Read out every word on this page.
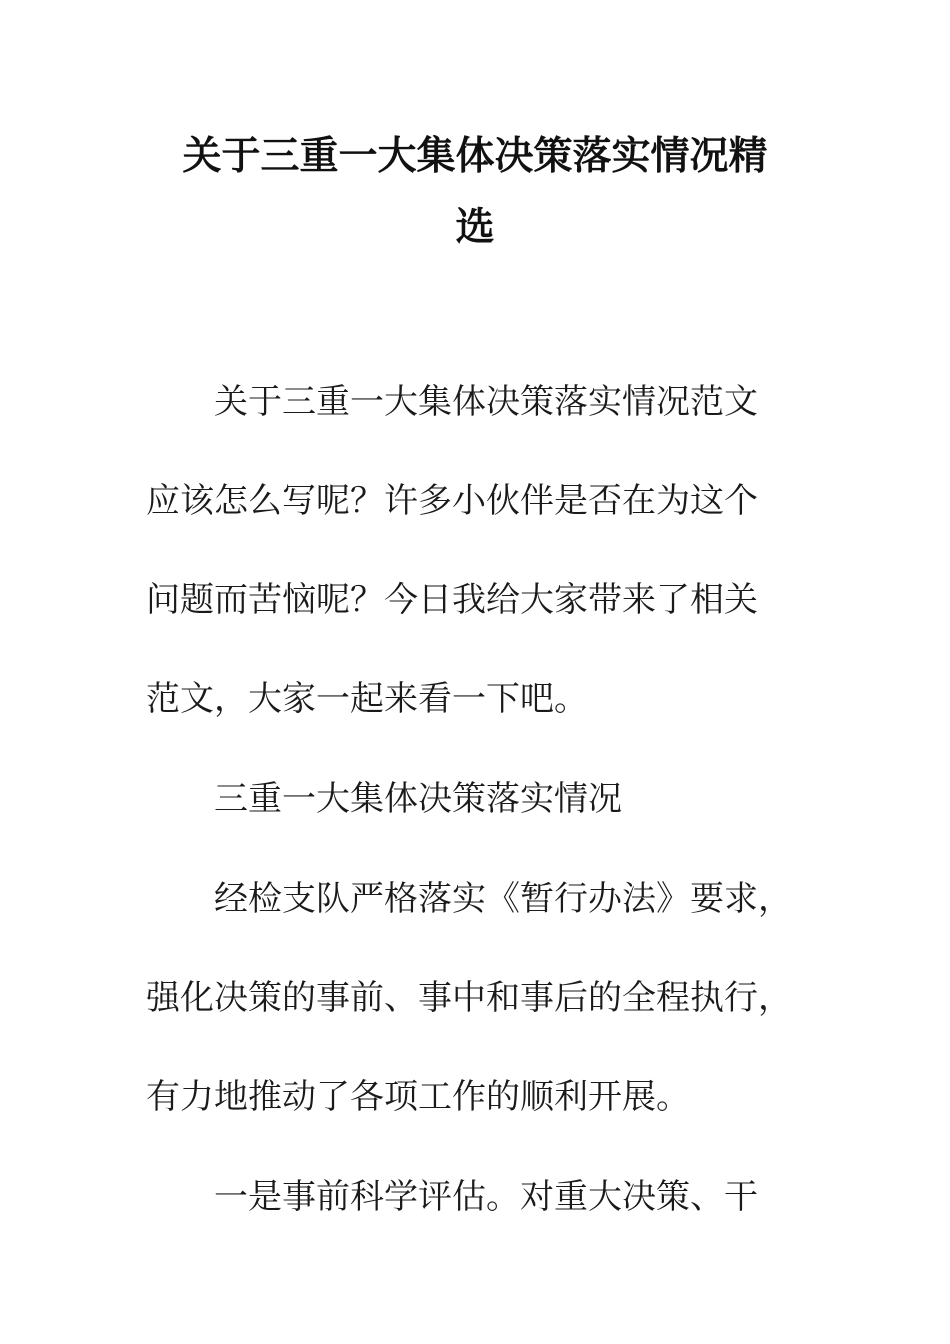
关于三重一大集体决策落实情况精
选
关于三重一大集体决策落实情况范文
应该怎么写呢？许多小伙伴是否在为这个
问题而苦恼呢？今日我给大家带来了相关
范文，大家一起来看一下吧。
三重一大集体决策落实情况
经检支队严格落实《暂行办法》要求，
强化决策的事前、事中和事后的全程执行，
有力地推动了各项工作的顺利开展。
一是事前科学评估。对重大决策、干
